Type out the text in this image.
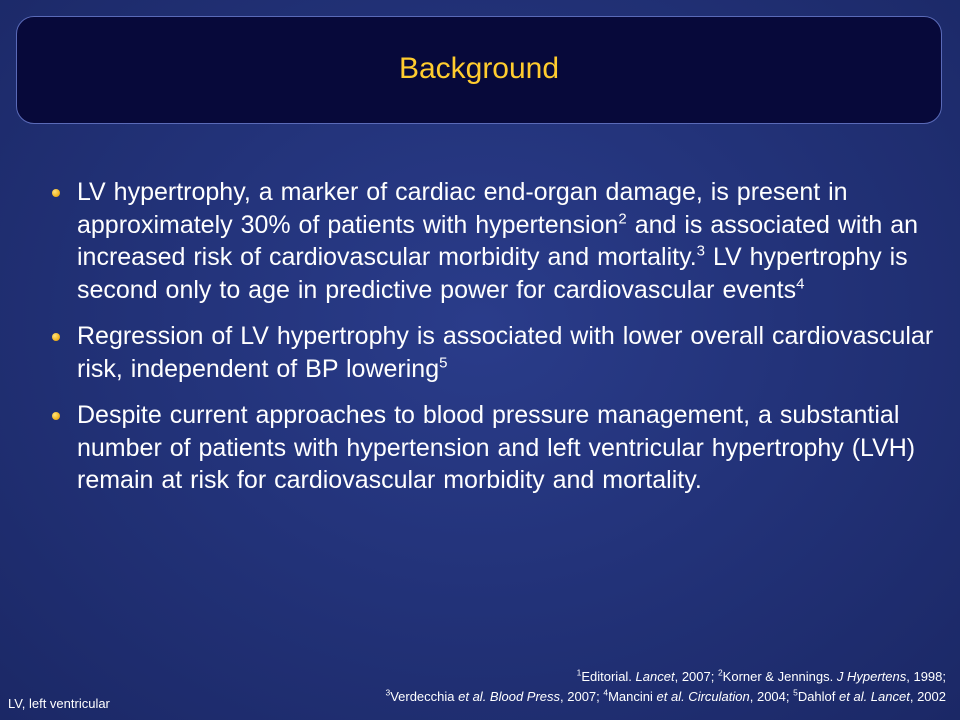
Background
LV hypertrophy, a marker of cardiac end-organ damage, is present in approximately 30% of patients with hypertension$^2$ and is associated with an increased risk of cardiovascular morbidity and mortality.$^3$ LV hypertrophy is second only to age in predictive power for cardiovascular events$^4$
Regression of LV hypertrophy is associated with lower overall cardiovascular risk, independent of BP lowering$^5$
Despite current approaches to blood pressure management, a substantial number of patients with hypertension and left ventricular hypertrophy (LVH) remain at risk for cardiovascular morbidity and mortality.
$^1$Editorial. Lancet, 2007; $^2$Korner & Jennings. J Hypertens, 1998;
$^3$Verdecchia et al. Blood Press, 2007; $^4$Mancini et al. Circulation, 2004; $^5$Dahlof et al. Lancet, 2002
LV, left ventricular
